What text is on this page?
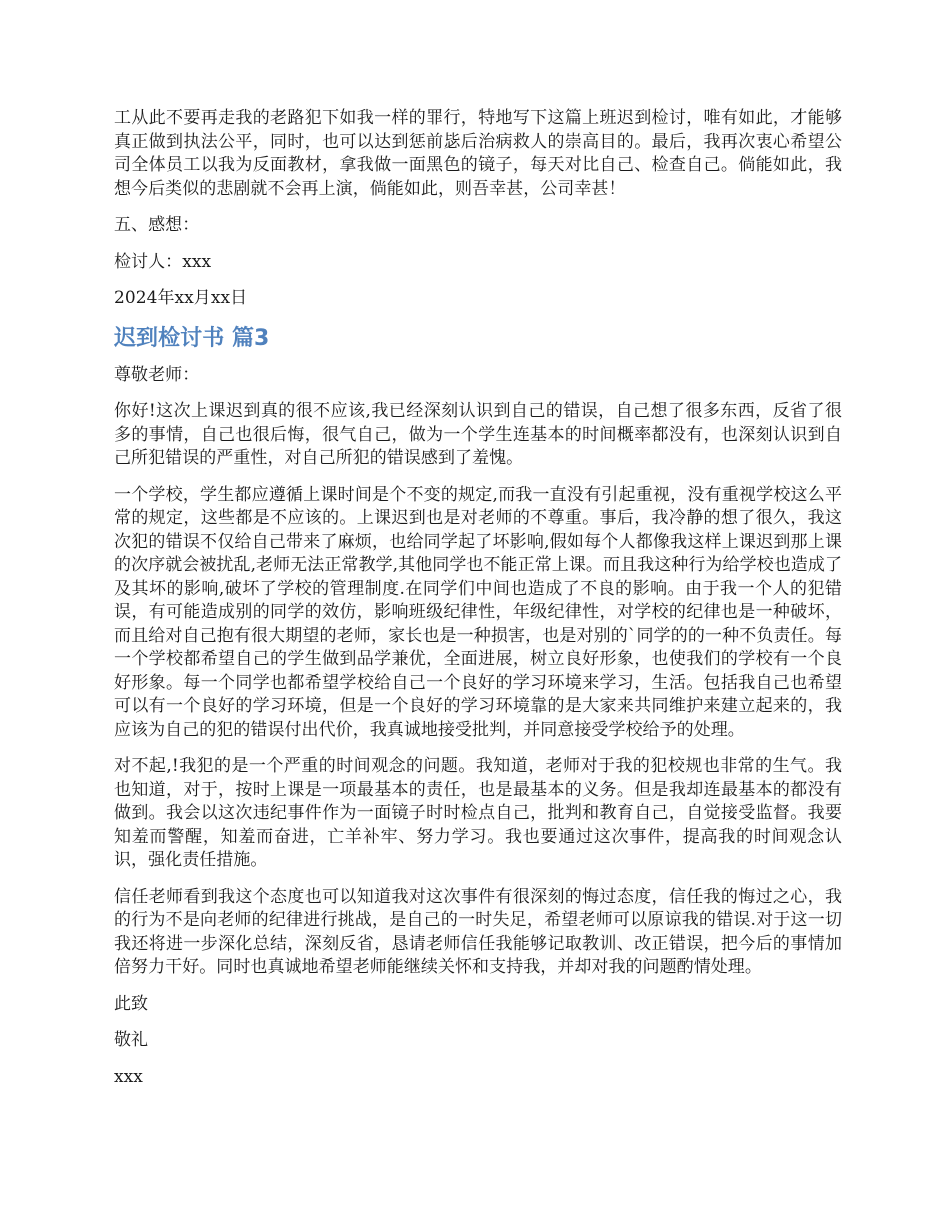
工从此不要再走我的老路犯下如我一样的罪行，特地写下这篇上班迟到检讨，唯有如此，才能够真正做到执法公平，同时，也可以达到惩前毖后治病救人的崇高目的。最后，我再次衷心希望公司全体员工以我为反面教材，拿我做一面黑色的镜子，每天对比自己、检查自己。倘能如此，我想今后类似的悲剧就不会再上演，倘能如此，则吾幸甚，公司幸甚！

五、感想：

检讨人：xxx

2024年xx月xx日

迟到检讨书 篇3

尊敬老师：

你好!这次上课迟到真的很不应该,我已经深刻认识到自己的错误，自己想了很多东西，反省了很多的事情，自己也很后悔，很气自己，做为一个学生连基本的时间概率都没有，也深刻认识到自己所犯错误的严重性，对自己所犯的错误感到了羞愧。

一个学校，学生都应遵循上课时间是个不变的规定,而我一直没有引起重视，没有重视学校这么平常的规定，这些都是不应该的。上课迟到也是对老师的不尊重。事后，我冷静的想了很久，我这次犯的错误不仅给自己带来了麻烦，也给同学起了坏影响,假如每个人都像我这样上课迟到那上课的次序就会被扰乱,老师无法正常教学,其他同学也不能正常上课。而且我这种行为给学校也造成了及其坏的影响,破坏了学校的管理制度.在同学们中间也造成了不良的影响。由于我一个人的犯错误，有可能造成别的同学的效仿，影响班级纪律性，年级纪律性，对学校的纪律也是一种破坏，而且给对自己抱有很大期望的老师，家长也是一种损害，也是对别的`同学的的一种不负责任。每一个学校都希望自己的学生做到品学兼优，全面进展，树立良好形象，也使我们的学校有一个良好形象。每一个同学也都希望学校给自己一个良好的学习环境来学习，生活。包括我自己也希望可以有一个良好的学习环境，但是一个良好的学习环境靠的是大家来共同维护来建立起来的，我应该为自己的犯的错误付出代价，我真诚地接受批判，并同意接受学校给予的处理。

对不起,!我犯的是一个严重的时间观念的问题。我知道，老师对于我的犯校规也非常的生气。我也知道，对于，按时上课是一项最基本的责任，也是最基本的义务。但是我却连最基本的都没有做到。我会以这次违纪事件作为一面镜子时时检点自己，批判和教育自己，自觉接受监督。我要知羞而警醒，知羞而奋进，亡羊补牢、努力学习。我也要通过这次事件，提高我的时间观念认识，强化责任措施。

信任老师看到我这个态度也可以知道我对这次事件有很深刻的悔过态度，信任我的悔过之心，我的行为不是向老师的纪律进行挑战，是自己的一时失足，希望老师可以原谅我的错误.对于这一切我还将进一步深化总结，深刻反省，恳请老师信任我能够记取教训、改正错误，把今后的事情加倍努力干好。同时也真诚地希望老师能继续关怀和支持我，并却对我的问题酌情处理。

此致

敬礼

xxx
